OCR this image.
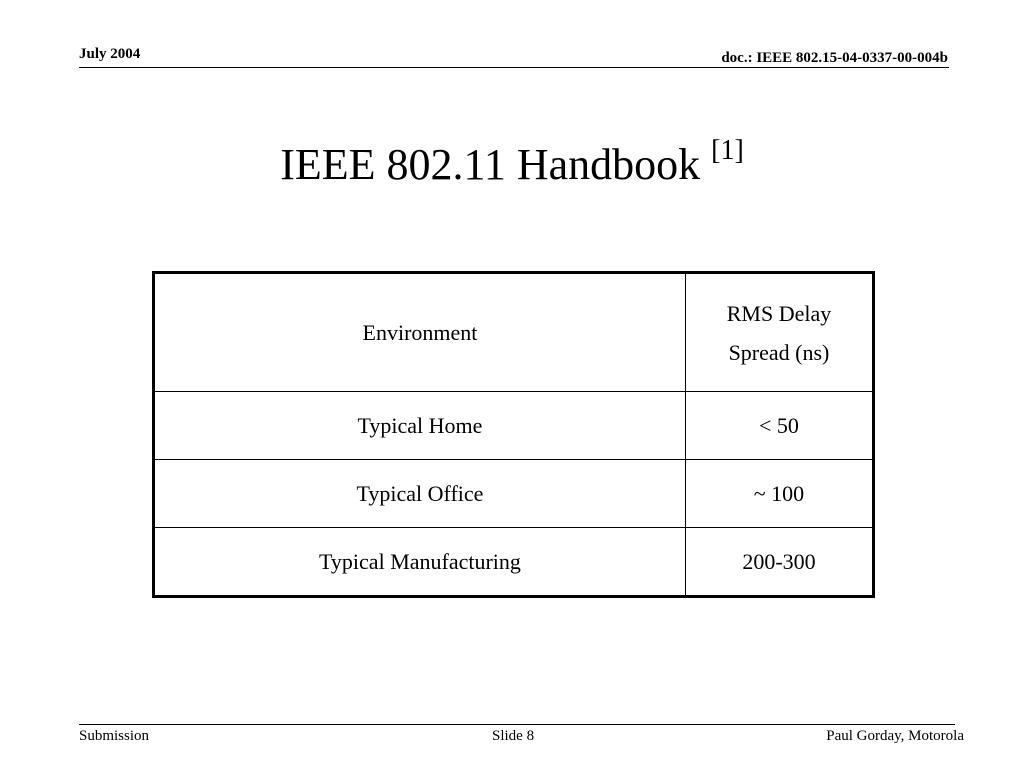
July 2004	doc.: IEEE 802.15-04-0337-00-004b
IEEE 802.11 Handbook [1]
Environment	RMS Delay
Spread (ns)
Typical Home	< 50
Typical Office	~ 100
Typical Manufacturing	200-300
Submission	Slide 8	Paul Gorday, Motorola
